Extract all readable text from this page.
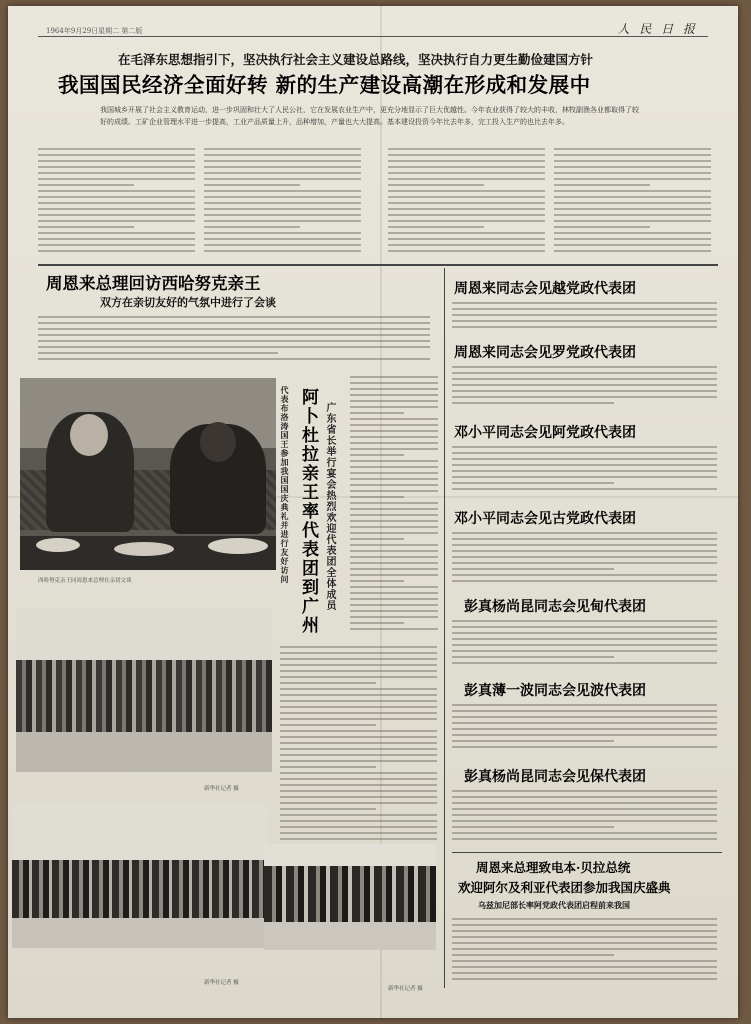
1964年9月29日星期二 第二版	人 民 日 报
在毛泽东思想指引下，坚决执行社会主义建设总路线，坚决执行自力更生勤俭建国方针
我国国民经济全面好转 新的生产建设高潮在形成和发展中
我国城乡开展了社会主义教育运动，进一步巩固和壮大了人民公社，它在发展农业生产中，更充分地显示了巨大优越性。今年农业获得了较大的丰收，林牧副渔各业都取得了较好的成绩。工矿企业管理水平进一步提高，工业产品质量上升，品种增加，产量也大大提高。基本建设投资今年比去年多，完工投入生产的也比去年多。
周恩来总理回访西哈努克亲王
双方在亲切友好的气氛中进行了会谈
西哈努克亲王同周恩来总理在亲切交谈	代表布洛涛国王参加我国国庆典礼并进行友好访问 阿卜杜拉亲王率代表团到广州 广东省长举行宴会热烈欢迎代表团全体成员
新华社记者 摄
新华社记者 摄
新华社记者 摄
周恩来同志会见越党政代表团
周恩来同志会见罗党政代表团
邓小平同志会见阿党政代表团
邓小平同志会见古党政代表团
彭真杨尚昆同志会见甸代表团
彭真薄一波同志会见波代表团
彭真杨尚昆同志会见保代表团
周恩来总理致电本·贝拉总统
欢迎阿尔及利亚代表团参加我国庆盛典
乌兹加尼部长率阿党政代表团启程前来我国
